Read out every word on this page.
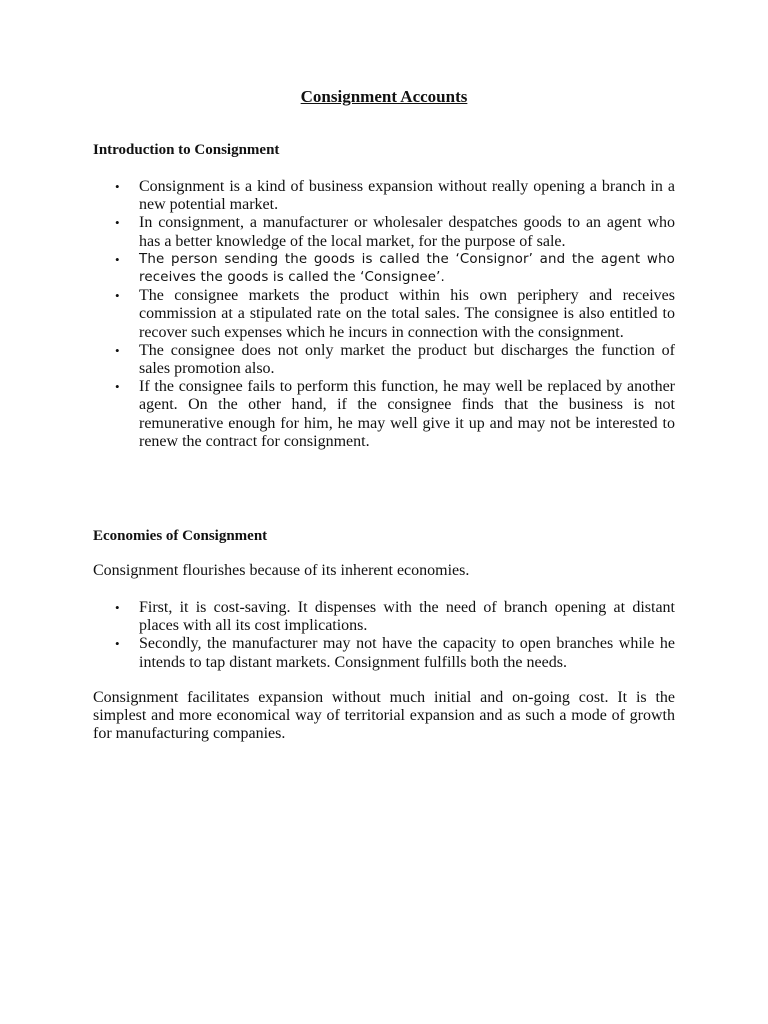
Consignment Accounts
Introduction to Consignment
• Consignment is a kind of business expansion without really opening a branch in a new potential market.
• In consignment, a manufacturer or wholesaler despatches goods to an agent who has a better knowledge of the local market, for the purpose of sale.
• The person sending the goods is called the ‘Consignor’ and the agent who receives the goods is called the ‘Consignee’.
• The consignee markets the product within his own periphery and receives commission at a stipulated rate on the total sales. The consignee is also entitled to recover such expenses which he incurs in connection with the consignment.
• The consignee does not only market the product but discharges the function of sales promotion also.
• If the consignee fails to perform this function, he may well be replaced by another agent. On the other hand, if the consignee finds that the business is not remunerative enough for him, he may well give it up and may not be interested to renew the contract for consignment.
Economies of Consignment

Consignment flourishes because of its inherent economies.

• First, it is cost-saving. It dispenses with the need of branch opening at distant places with all its cost implications.
• Secondly, the manufacturer may not have the capacity to open branches while he intends to tap distant markets. Consignment fulfills both the needs.

Consignment facilitates expansion without much initial and on-going cost. It is the simplest and more economical way of territorial expansion and as such a mode of growth for manufacturing companies.
